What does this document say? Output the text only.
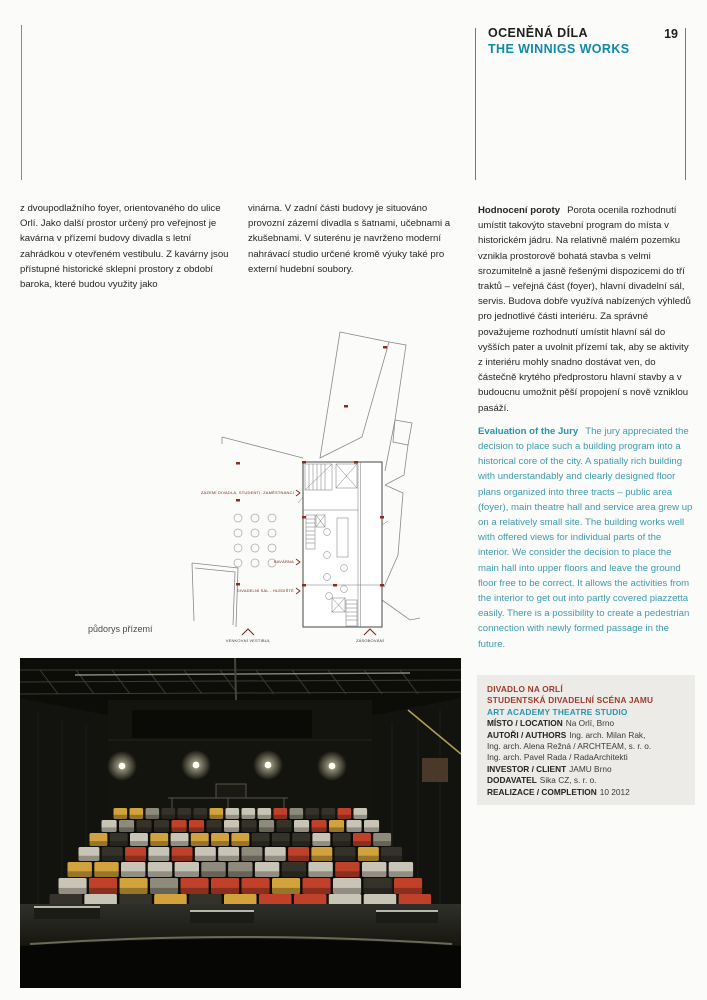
OCENĚNÁ DÍLA
THE WINNIGS WORKS
19
z dvoupodlažního foyer, orientovaného do ulice Orlí. Jako další prostor určený pro veřejnost je kavárna v přízemí budovy divadla s letní zahrádkou v otevřeném vestibulu. Z kavárny jsou přístupné historické sklepní prostory z období baroka, které budou využity jako
vinárna. V zadní části budovy je situováno provozní zázemí divadla s šatnami, učebnami a zkušebnami. V suterénu je navrženo moderní nahrávací studio určené kromě výuky také pro externí hudební soubory.

Hodnocení poroty Porota ocenila rozhodnutí umístit takovýto stavební program do místa v historickém jádru. Na relativně malém pozemku vznikla prostorově bohatá stavba s velmi srozumitelně a jasně řešenými dispozicemi do tří traktů – veřejná část (foyer), hlavní divadelní sál, servis. Budova dobře využívá nabízených výhledů pro jednotlivé části interiéru. Za správné považujeme rozhodnutí umístit hlavní sál do vyšších pater a uvolnit přízemí tak, aby se aktivity z interiéru mohly snadno dostávat ven, do částečně krytého předprostoru hlavní stavby a v budoucnu umožnit pěší propojení s nově vzniklou pasáží.

Evaluation of the Jury The jury appreciated the decision to place such a building program into a historical core of the city. A spatially rich building with understandably and clearly designed floor plans organized into three tracts – public area (foyer), main theatre hall and service area grew up on a relatively small site. The building works well with offered views for individual parts of the interior. We consider the decision to place the main hall into upper floors and leave the ground floor free to be correct. It allows the activities from the interior to get out into partly covered piazzetta easily. There is a possibility to create a pedestrian connection with newly formed passage in the future.

ZÁZEMÍ DIVADLA, STUDENTI, ZAMĚSTNANCI
KAVÁRNA
DIVADELNÍ SÁL - HLEDIŠTĚ
VENKOVNÍ VESTIBUL	ZÁSOBOVÁNÍ
půdorys přízemí
DIVADLO NA ORLÍ
STUDENTSKÁ DIVADELNÍ SCÉNA JAMU
ART ACADEMY THEATRE STUDIO
MÍSTO / LOCATION Na Orlí, Brno
AUTOŘI / AUTHORS Ing. arch. Milan Rak,
Ing. arch. Alena Režná / ARCHTEAM, s. r. o.
Ing. arch. Pavel Rada / RadaArchitekti
INVESTOR / CLIENT JAMU Brno
DODAVATEL Sika CZ, s. r. o.
REALIZACE / COMPLETION 10 2012
